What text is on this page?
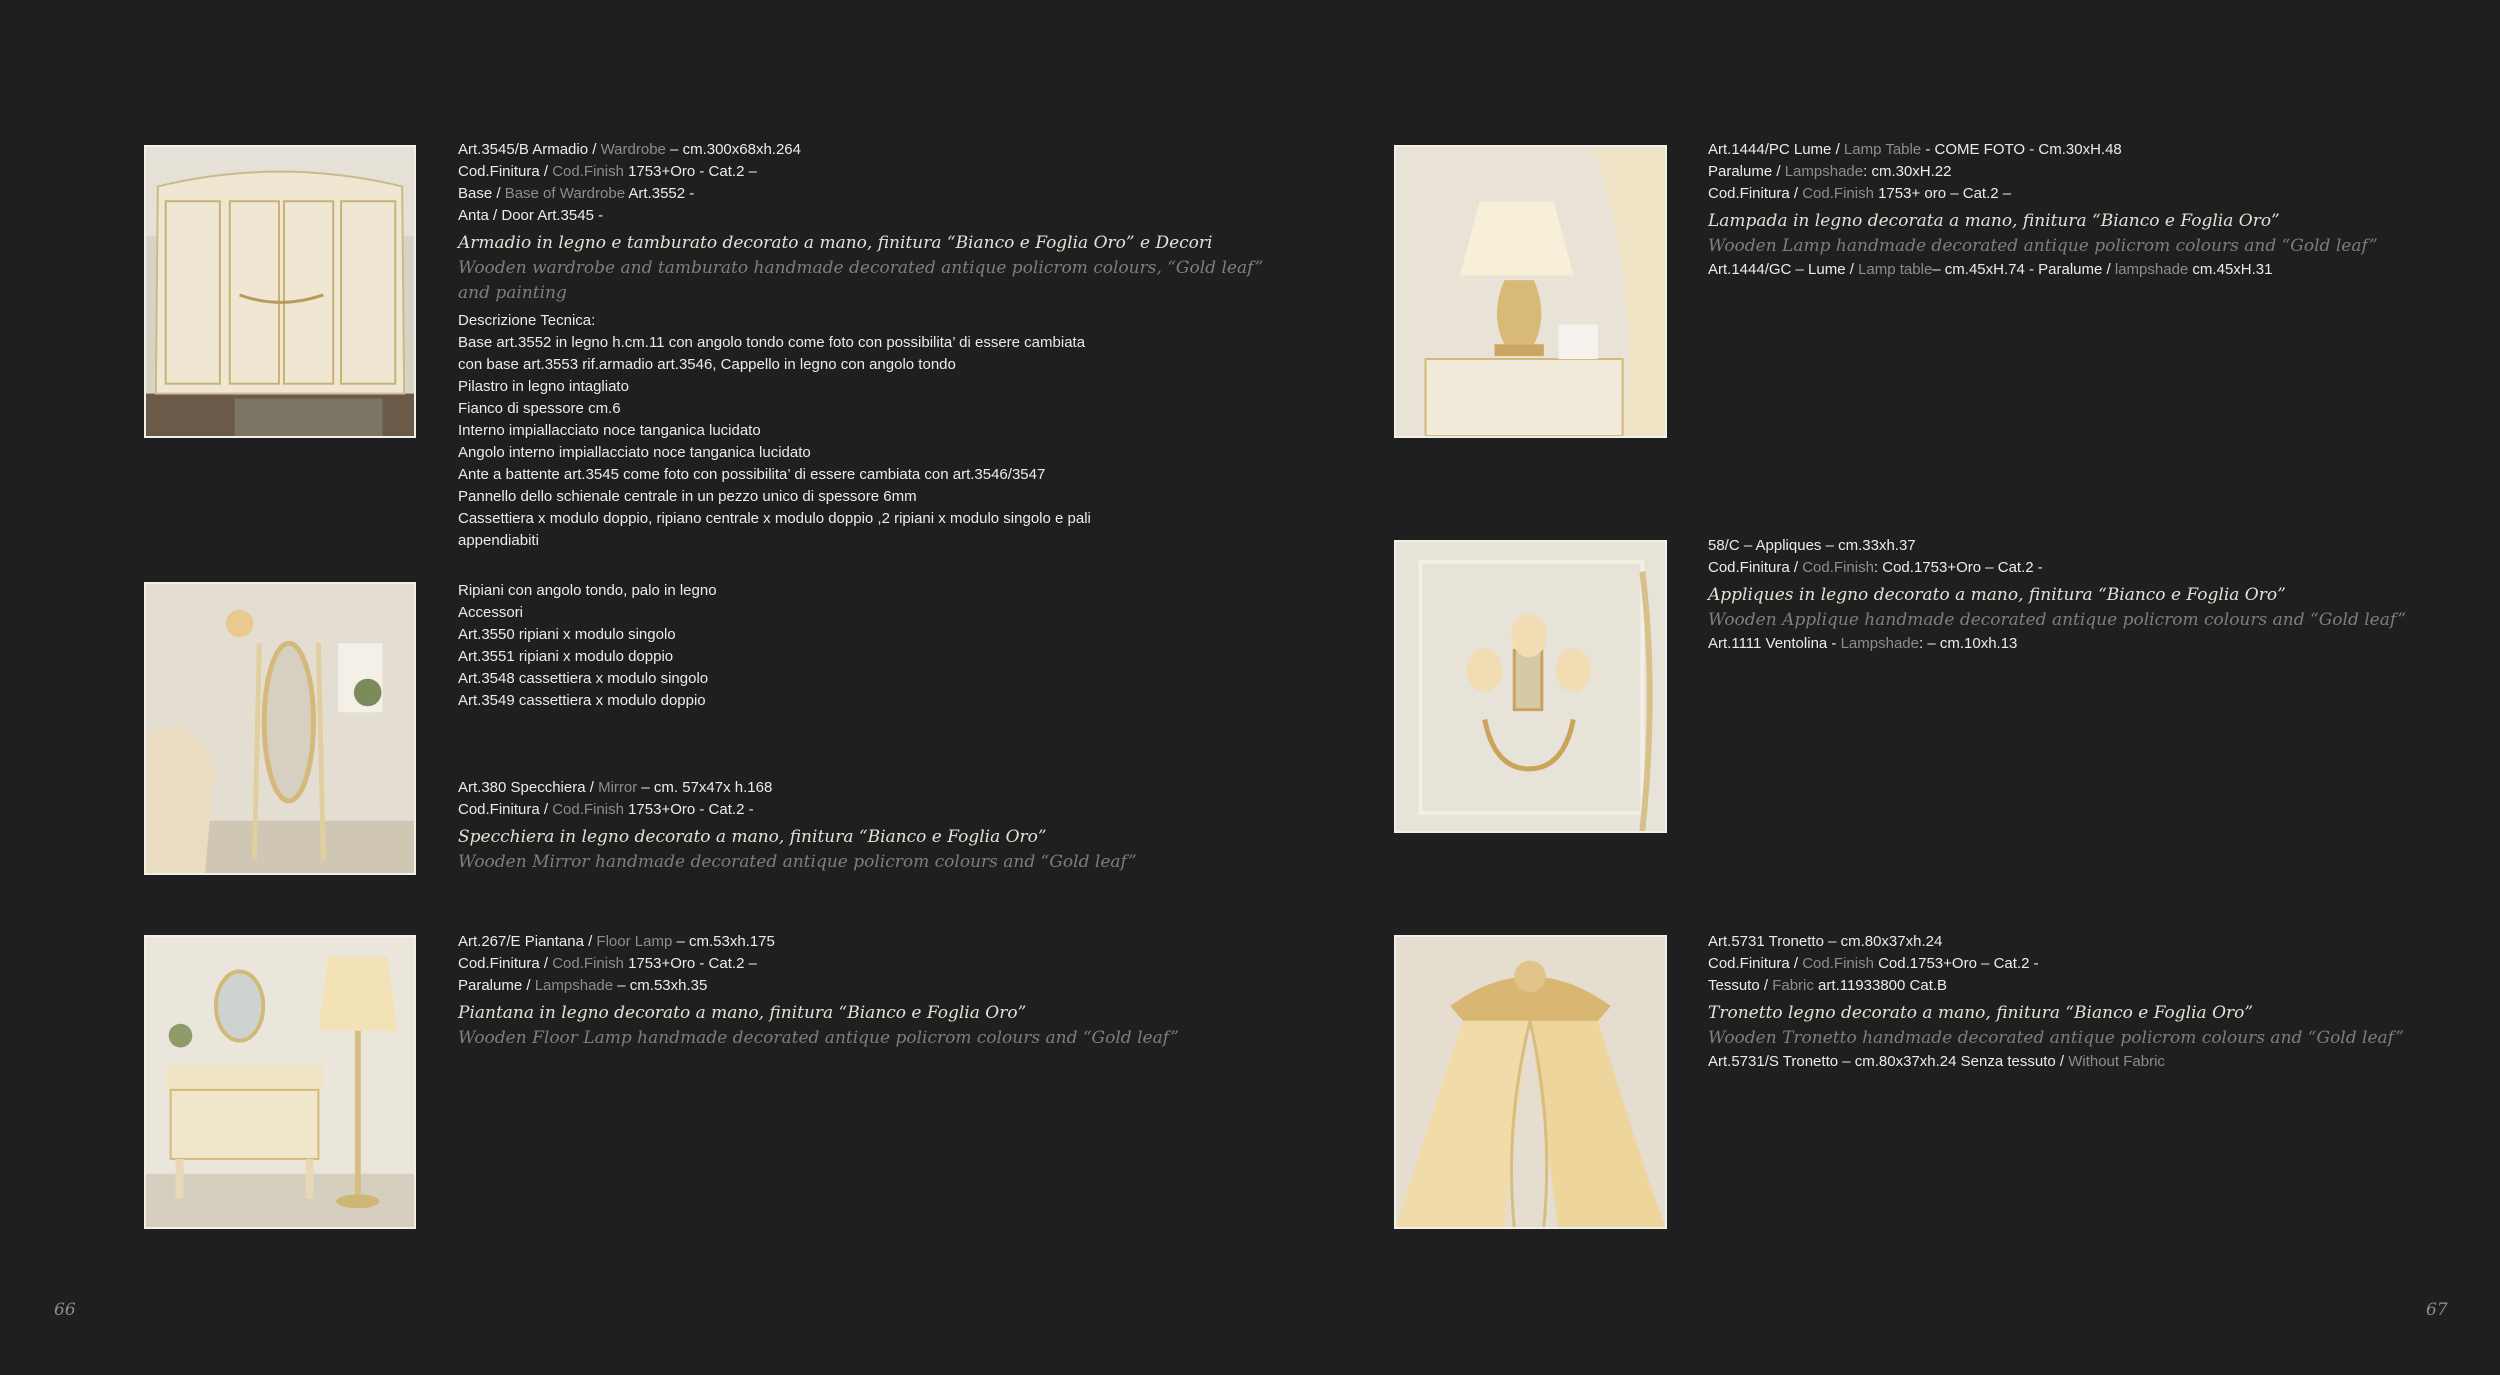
Art.3545/B Armadio / Wardrobe – cm.300x68xh.264
Cod.Finitura / Cod.Finish 1753+Oro - Cat.2 –
Base / Base of Wardrobe Art.3552 -
Anta / Door Art.3545 -
Armadio in legno e tamburato decorato a mano, finitura “Bianco e Foglia Oro” e Decori
Wooden wardrobe and tamburato handmade decorated antique policrom colours, “Gold leaf”
and painting
Descrizione Tecnica:
Base art.3552 in legno h.cm.11 con angolo tondo come foto con possibilita’ di essere cambiata
con base art.3553 rif.armadio art.3546, Cappello in legno con angolo tondo
Pilastro in legno intagliato
Fianco di spessore cm.6
Interno impiallacciato noce tanganica lucidato
Angolo interno impiallacciato noce tanganica lucidato
Ante a battente art.3545 come foto con possibilita’ di essere cambiata con art.3546/3547
Pannello dello schienale centrale in un pezzo unico di spessore 6mm
Cassettiera x modulo doppio, ripiano centrale x modulo doppio ,2 ripiani x modulo singolo e pali
appendiabiti
Ripiani con angolo tondo, palo in legno
Accessori
Art.3550 ripiani x modulo singolo
Art.3551 ripiani x modulo doppio
Art.3548 cassettiera x modulo singolo
Art.3549 cassettiera x modulo doppio
Art.380 Specchiera / Mirror – cm. 57x47x h.168
Cod.Finitura / Cod.Finish 1753+Oro - Cat.2 -
Specchiera in legno decorato a mano, finitura “Bianco e Foglia Oro”
Wooden Mirror handmade decorated antique policrom colours and “Gold leaf”
Art.267/E Piantana / Floor Lamp – cm.53xh.175
Cod.Finitura / Cod.Finish 1753+Oro - Cat.2 –
Paralume / Lampshade – cm.53xh.35
Piantana in legno decorato a mano, finitura “Bianco e Foglia Oro”
Wooden Floor Lamp handmade decorated antique policrom colours and “Gold leaf”
66
Art.1444/PC Lume / Lamp Table - COME FOTO - Cm.30xH.48
Paralume / Lampshade: cm.30xH.22
Cod.Finitura / Cod.Finish 1753+ oro – Cat.2 –
Lampada in legno decorata a mano, finitura “Bianco e Foglia Oro”
Wooden Lamp handmade decorated antique policrom colours and “Gold leaf”
Art.1444/GC – Lume / Lamp table– cm.45xH.74 - Paralume / lampshade cm.45xH.31
58/C – Appliques – cm.33xh.37
Cod.Finitura / Cod.Finish: Cod.1753+Oro – Cat.2 -
Appliques in legno decorato a mano, finitura “Bianco e Foglia Oro”
Wooden Applique handmade decorated antique policrom colours and “Gold leaf”
Art.1111 Ventolina - Lampshade: – cm.10xh.13
Art.5731 Tronetto – cm.80x37xh.24
Cod.Finitura / Cod.Finish Cod.1753+Oro – Cat.2 -
Tessuto / Fabric art.11933800 Cat.B
Tronetto legno decorato a mano, finitura “Bianco e Foglia Oro”
Wooden Tronetto handmade decorated antique policrom colours and “Gold leaf”
Art.5731/S Tronetto – cm.80x37xh.24 Senza tessuto / Without Fabric
67
